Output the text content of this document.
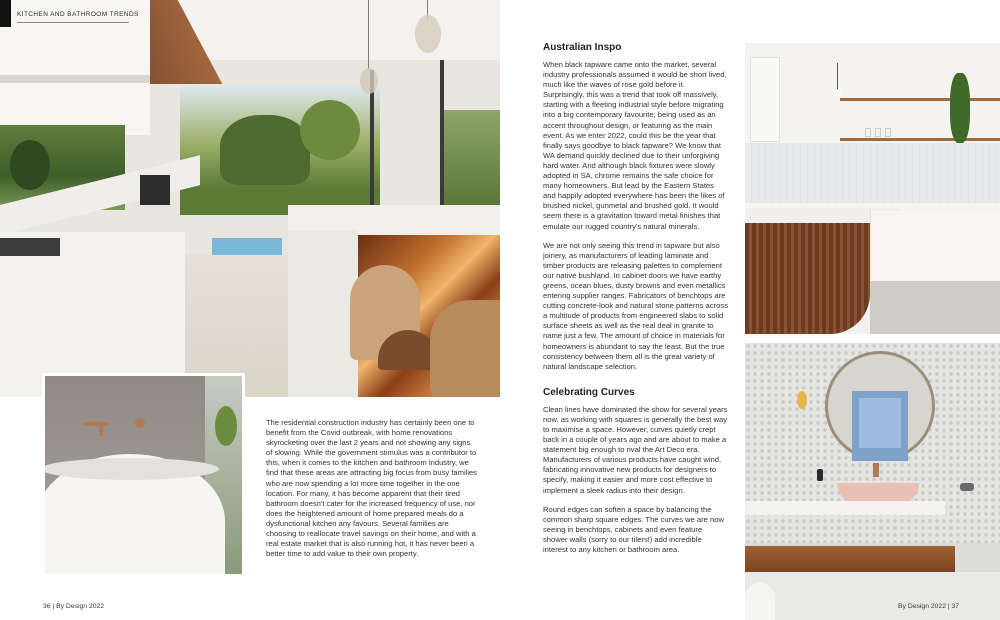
KITCHEN AND BATHROOM TRENDS
The residential construction industry has certainly been one to benefit from the Covid outbreak, with home renovations skyrocketing over the last 2 years and not showing any signs of slowing. While the government stimulus was a contributor to this, when it comes to the kitchen and bathroom industry, we find that these areas are attracting big focus from busy families who are now spending a lot more time together in the one location. For many, it has become apparent that their tired bathroom doesn't cater for the increased frequency of use, nor does the heightened amount of home prepared meals do a dysfunctional kitchen any favours. Several families are choosing to reallocate travel savings on their home, and with a real estate market that is also running hot, it has never been a better time to add value to their own property.
36 | By Design 2022
Australian Inspo
When black tapware came onto the market, several industry professionals assumed it would be short lived, much like the waves of rose gold before it. Surprisingly, this was a trend that took off massively, starting with a fleeting industrial style before migrating into a big contemporary favourite; being used as an accent throughout design, or featuring as the main event. As we enter 2022, could this be the year that finally says goodbye to black tapware? We know that WA demand quickly declined due to their unforgiving hard water. And although black fixtures were slowly adopted in SA, chrome remains the safe choice for many homeowners. But lead by the Eastern States and happily adopted everywhere has been the likes of brushed nickel, gunmetal and brushed gold. It would seem there is a gravitation toward metal finishes that emulate our rugged country's natural minerals.
We are not only seeing this trend in tapware but also joinery, as manufacturers of leading laminate and timber products are releasing palettes to complement our native bushland. In cabinet doors we have earthy greens, ocean blues, dusty browns and even metallics entering supplier ranges. Fabricators of benchtops are cutting concrete-look and natural stone patterns across a multitude of products from engineered slabs to solid surface sheets as well as the real deal in granite to name just a few. The amount of choice in materials for homeowners is abundant to say the least. But the true consistency between them all is the great variety of natural landscape selection.
Celebrating Curves
Clean lines have dominated the show for several years now, as working with squares is generally the best way to maximise a space. However, curves quietly crept back in a couple of years ago and are about to make a statement big enough to rival the Art Deco era. Manufacturers of various products have caught wind, fabricating innovative new products for designers to specify, making it easier and more cost effective to implement a sleek radius into their design.
Round edges can soften a space by balancing the common sharp square edges. The curves we are now seeing in benchtops, cabinets and even feature shower walls (sorry to our tilers!) add incredible interest to any kitchen or bathroom area.
By Design 2022 | 37
